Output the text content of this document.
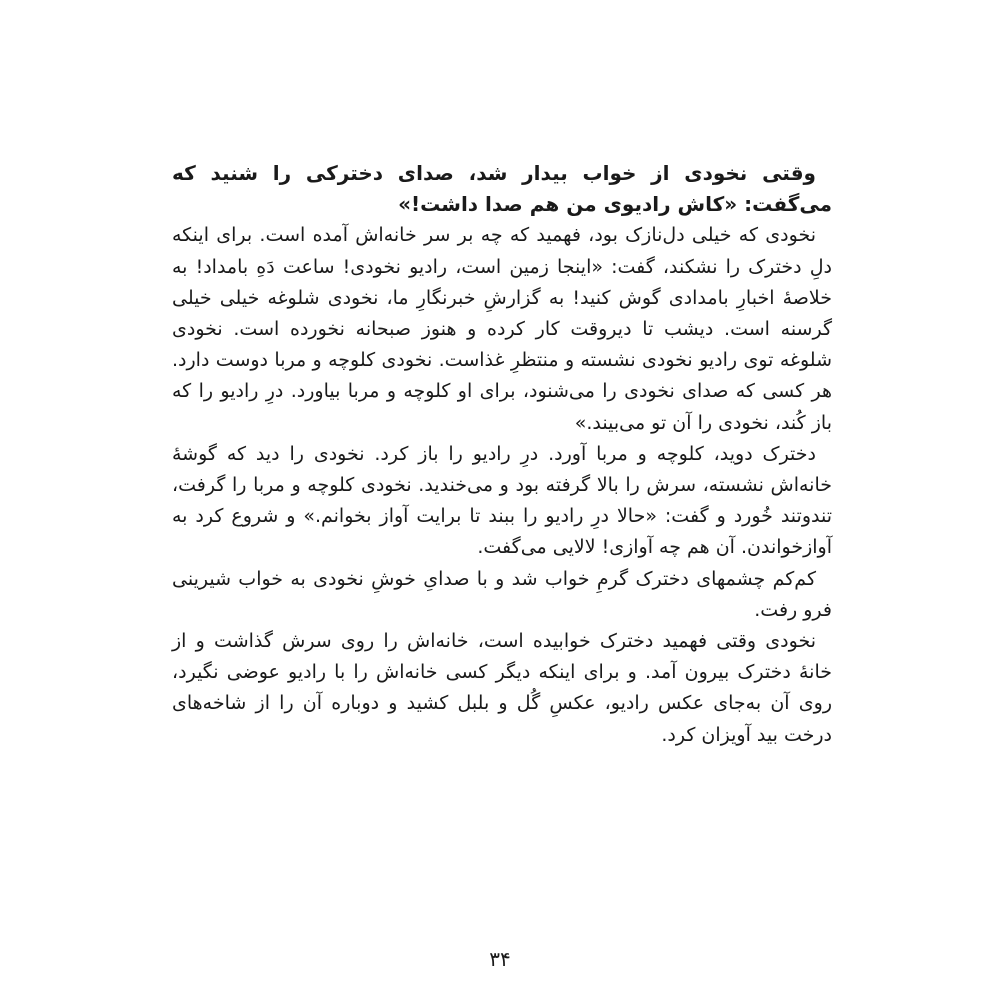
وقتی نخودی از خواب بیدار شد، صدای دخترکی را شنید که می‌گفت: «کاش رادیوی من هم صدا داشت!»

نخودی که خیلی دل‌نازک بود، فهمید که چه بر سر خانه‌اش آمده است. برای اینکه دلِ دخترک را نشکند، گفت: «اینجا زمین است، رادیو نخودی! ساعت دَهِ بامداد! به خلاصهٔ اخبارِ بامدادی گوش کنید! به گزارشِ خبرنگارِ ما، نخودی شلوغه خیلی خیلی گرسنه است. دیشب تا دیروقت کار کرده و هنوز صبحانه نخورده است. نخودی شلوغه توی رادیو نخودی نشسته و منتظرِ غذاست. نخودی کلوچه و مربا دوست دارد. هر کسی که صدای نخودی را می‌شنود، برای او کلوچه و مربا بیاورد. درِ رادیو را که باز کُند، نخودی را آن تو می‌بیند.»

دخترک دوید، کلوچه و مربا آورد. درِ رادیو را باز کرد. نخودی را دید که گوشهٔ خانه‌اش نشسته، سرش را بالا گرفته بود و می‌خندید. نخودی کلوچه و مربا را گرفت، تندوتند خُورد و گفت: «حالا درِ رادیو را ببند تا برایت آواز بخوانم.» و شروع کرد به آوازخواندن. آن هم چه آوازی! لالایی می‌گفت.

کم‌کم چشمهای دخترک گرمِ خواب شد و با صدایِ خوشِ نخودی به خواب شیرینی فرو رفت.

نخودی وقتی فهمید دخترک خوابیده است، خانه‌اش را روی سرش گذاشت و از خانهٔ دخترک بیرون آمد. و برای اینکه دیگر کسی خانه‌اش را با رادیو عوضی نگیرد، روی آن به‌جای عکس رادیو، عکسِ گُل و بلبل کشید و دوباره آن را از شاخه‌های درخت بید آویزان کرد.

۳۴
